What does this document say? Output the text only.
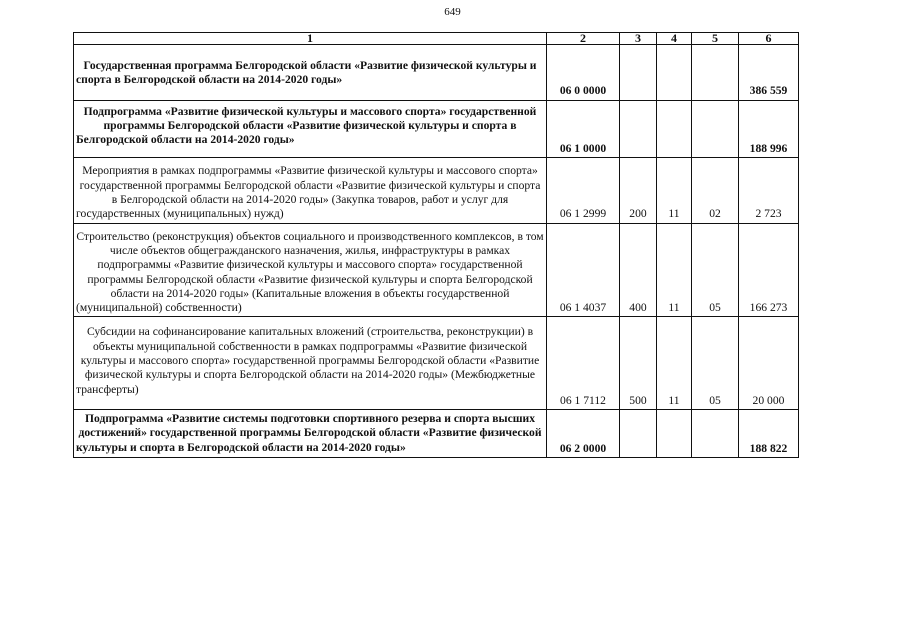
649
1	2	3	4	5	6
Государственная программа Белгородской области «Развитие физической культуры и спорта в Белгородской области на 2014-2020 годы»	06 0 0000				386 559
Подпрограмма «Развитие физической культуры и массового спорта» государственной программы Белгородской области «Развитие физической культуры и спорта в Белгородской области на 2014-2020 годы»	06 1 0000				188 996
Мероприятия в рамках подпрограммы «Развитие физической культуры и массового спорта» государственной программы Белгородской области «Развитие физической культуры и спорта в Белгородской области на 2014-2020 годы» (Закупка товаров, работ и услуг для государственных (муниципальных) нужд)	06 1 2999	200	11	02	2 723
Строительство (реконструкция) объектов социального и производственного комплексов, в том числе объектов общегражданского назначения, жилья, инфраструктуры в рамках подпрограммы «Развитие физической культуры и массового спорта» государственной программы Белгородской области «Развитие физической культуры и спорта Белгородской области на 2014-2020 годы» (Капитальные вложения в объекты государственной (муниципальной) собственности)	06 1 4037	400	11	05	166 273
Субсидии на софинансирование капитальных вложений (строительства, реконструкции) в объекты муниципальной собственности в рамках подпрограммы «Развитие физической культуры и массового спорта» государственной программы Белгородской области «Развитие физической культуры и спорта Белгородской области на 2014-2020 годы» (Межбюджетные трансферты)	06 1 7112	500	11	05	20 000
Подпрограмма «Развитие системы подготовки спортивного резерва и спорта высших достижений» государственной программы Белгородской области «Развитие физической культуры и спорта в Белгородской области на 2014-2020 годы»	06 2 0000				188 822
